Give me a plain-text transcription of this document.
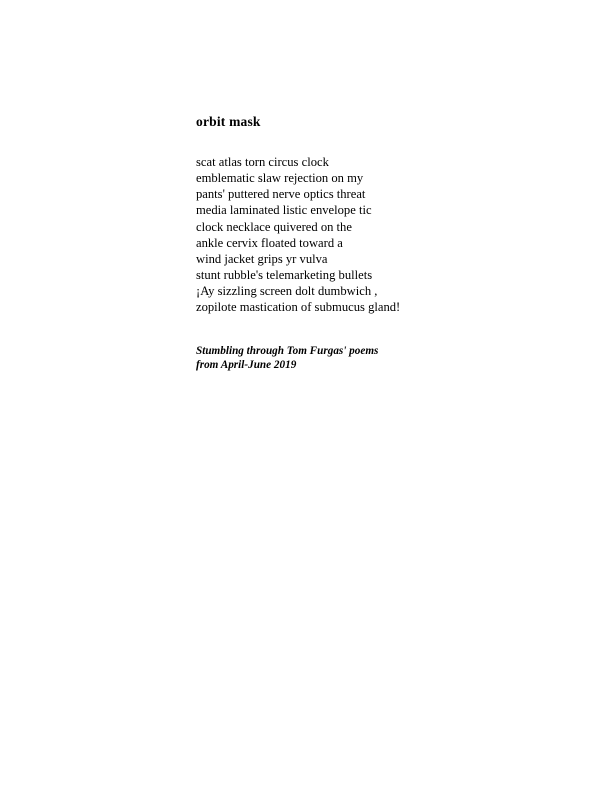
orbit mask
scat atlas torn circus clock
emblematic slaw rejection on my
pants' puttered nerve optics threat
media laminated listic envelope tic
clock necklace quivered on the
ankle cervix floated toward a
wind jacket grips yr vulva
stunt rubble's telemarketing bullets
¡Ay sizzling screen dolt dumbwich ,
zopilote mastication of submucus gland!
Stumbling through Tom Furgas' poems
from April-June 2019
